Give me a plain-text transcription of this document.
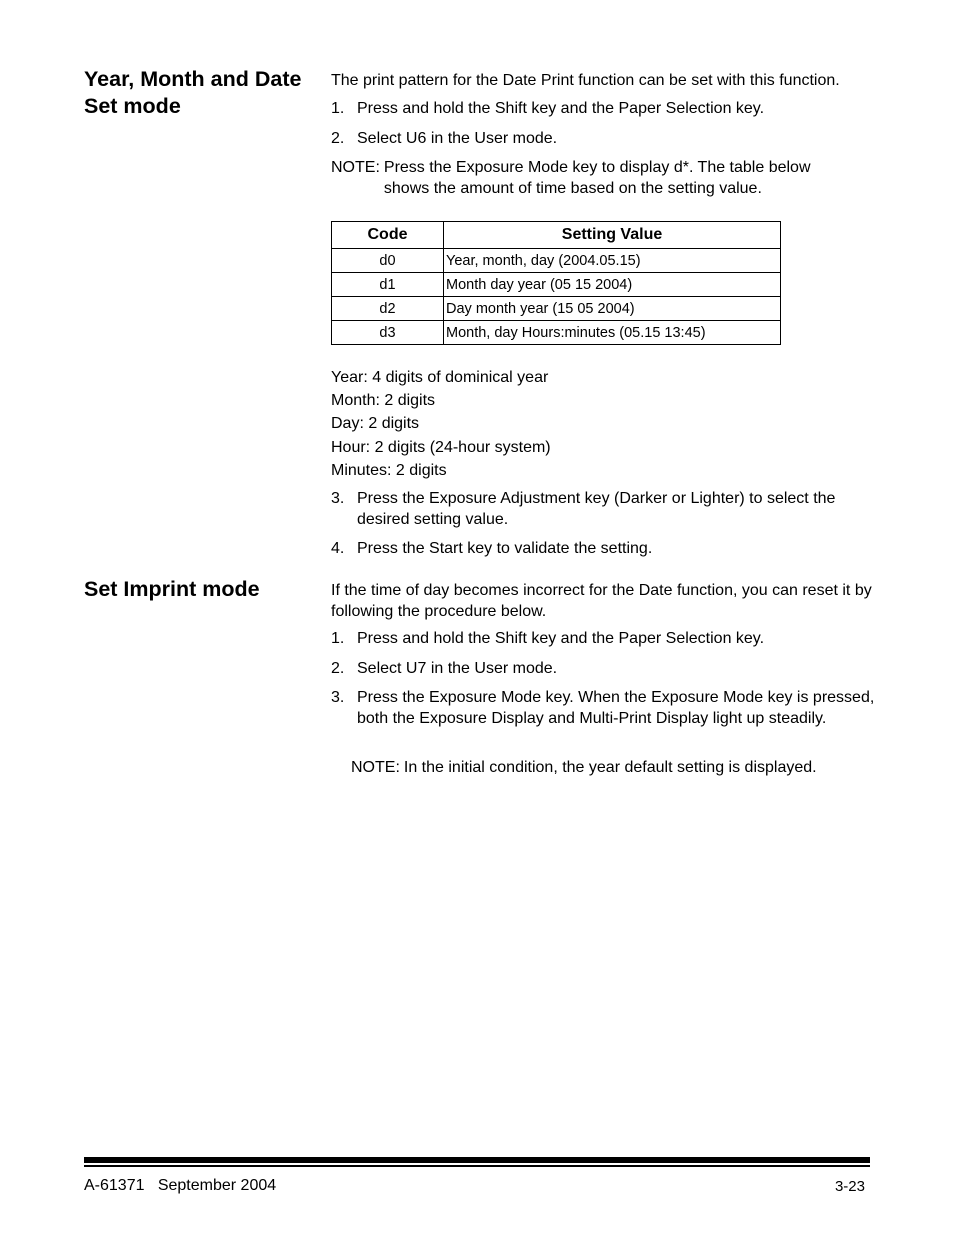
Year, Month and Date Set mode

The print pattern for the Date Print function can be set with this function.

1. Press and hold the Shift key and the Paper Selection key.
2. Select U6 in the User mode.
NOTE: Press the Exposure Mode key to display d*. The table below shows the amount of time based on the setting value.
Code	Setting Value
d0	Year, month, day (2004.05.15)
d1	Month day year (05 15 2004)
d2	Day month year (15 05 2004)
d3	Month, day Hours:minutes (05.15 13:45)
Year: 4 digits of dominical year
Month: 2 digits
Day: 2 digits
Hour: 2 digits (24-hour system)
Minutes: 2 digits
3. Press the Exposure Adjustment key (Darker or Lighter) to select the desired setting value.
4. Press the Start key to validate the setting.
Set Imprint mode	If the time of day becomes incorrect for the Date function, you can reset it by following the procedure below.

1. Press and hold the Shift key and the Paper Selection key.
2. Select U7 in the User mode.
3. Press the Exposure Mode key. When the Exposure Mode key is pressed, both the Exposure Display and Multi-Print Display light up steadily.
NOTE: In the initial condition, the year default setting is displayed.
A-61371   September 2004	3-23
